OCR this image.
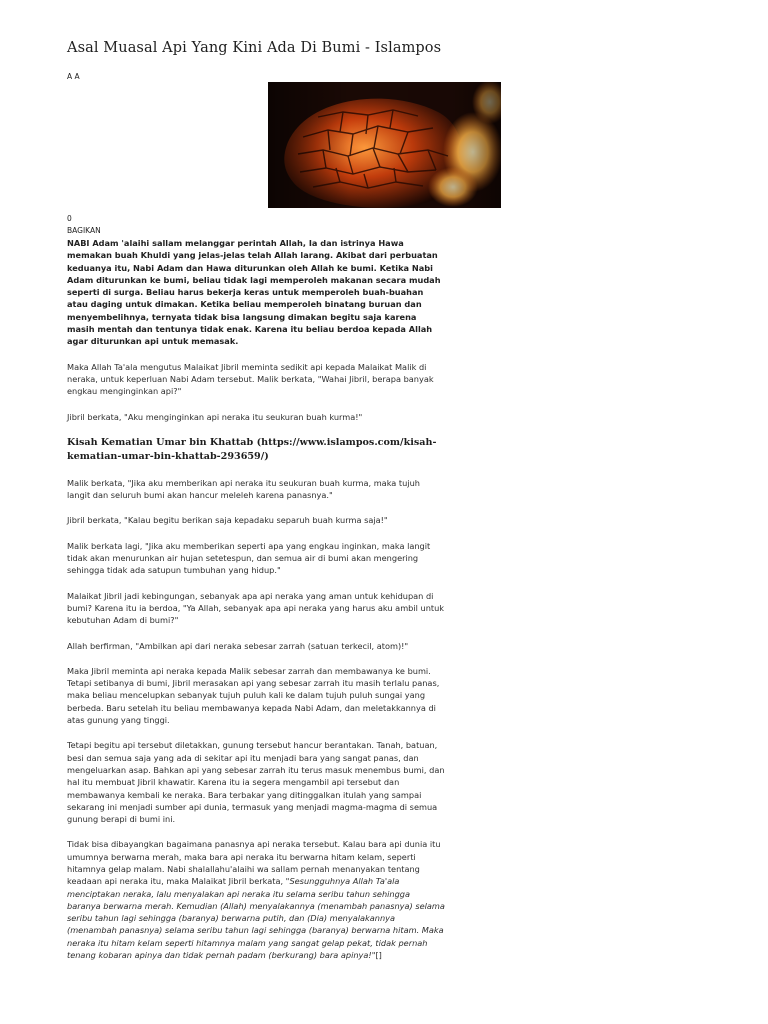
Asal Muasal Api Yang Kini Ada Di Bumi - Islampos
A A
0
BAGIKAN

NABI Adam 'alaihi sallam melanggar perintah Allah, Ia dan istrinya Hawa memakan buah Khuldi yang jelas-jelas telah Allah larang. Akibat dari perbuatan keduanya itu, Nabi Adam dan Hawa diturunkan oleh Allah ke bumi. Ketika Nabi Adam diturunkan ke bumi, beliau tidak lagi memperoleh makanan secara mudah seperti di surga. Beliau harus bekerja keras untuk memperoleh buah-buahan atau daging untuk dimakan. Ketika beliau memperoleh binatang buruan dan menyembelihnya, ternyata tidak bisa langsung dimakan begitu saja karena masih mentah dan tentunya tidak enak. Karena itu beliau berdoa kepada Allah agar diturunkan api untuk memasak.

Maka Allah Ta'ala mengutus Malaikat Jibril meminta sedikit api kepada Malaikat Malik di neraka, untuk keperluan Nabi Adam tersebut. Malik berkata, "Wahai Jibril, berapa banyak engkau menginginkan api?"

Jibril berkata, "Aku menginginkan api neraka itu seukuran buah kurma!"

Kisah Kematian Umar bin Khattab (https://www.islampos.com/kisah-kematian-umar-bin-khattab-293659/)

Malik berkata, "Jika aku memberikan api neraka itu seukuran buah kurma, maka tujuh langit dan seluruh bumi akan hancur meleleh karena panasnya."

Jibril berkata, "Kalau begitu berikan saja kepadaku separuh buah kurma saja!"

Malik berkata lagi, "Jika aku memberikan seperti apa yang engkau inginkan, maka langit tidak akan menurunkan air hujan setetespun, dan semua air di bumi akan mengering sehingga tidak ada satupun tumbuhan yang hidup."

Malaikat Jibril jadi kebingungan, sebanyak apa api neraka yang aman untuk kehidupan di bumi? Karena itu ia berdoa, "Ya Allah, sebanyak apa api neraka yang harus aku ambil untuk kebutuhan Adam di bumi?"

Allah berfirman, "Ambilkan api dari neraka sebesar zarrah (satuan terkecil, atom)!"

Maka Jibril meminta api neraka kepada Malik sebesar zarrah dan membawanya ke bumi. Tetapi setibanya di bumi, Jibril merasakan api yang sebesar zarrah itu masih terlalu panas, maka beliau mencelupkan sebanyak tujuh puluh kali ke dalam tujuh puluh sungai yang berbeda. Baru setelah itu beliau membawanya kepada Nabi Adam, dan meletakkannya di atas gunung yang tinggi.

Tetapi begitu api tersebut diletakkan, gunung tersebut hancur berantakan. Tanah, batuan, besi dan semua saja yang ada di sekitar api itu menjadi bara yang sangat panas, dan mengeluarkan asap. Bahkan api yang sebesar zarrah itu terus masuk menembus bumi, dan hal itu membuat Jibril khawatir. Karena itu ia segera mengambil api tersebut dan membawanya kembali ke neraka. Bara terbakar yang ditinggalkan itulah yang sampai sekarang ini menjadi sumber api dunia, termasuk yang menjadi magma-magma di semua gunung berapi di bumi ini.

Tidak bisa dibayangkan bagaimana panasnya api neraka tersebut. Kalau bara api dunia itu umumnya berwarna merah, maka bara api neraka itu berwarna hitam kelam, seperti hitamnya gelap malam. Nabi shalallahu'alaihi wa sallam pernah menanyakan tentang keadaan api neraka itu, maka Malaikat Jibril berkata, "Sesungguhnya Allah Ta'ala menciptakan neraka, lalu menyalakan api neraka itu selama seribu tahun sehingga baranya berwarna merah. Kemudian (Allah) menyalakannya (menambah panasnya) selama seribu tahun lagi sehingga (baranya) berwarna putih, dan (Dia) menyalakannya (menambah panasnya) selama seribu tahun lagi sehingga (baranya) berwarna hitam. Maka neraka itu hitam kelam seperti hitamnya malam yang sangat gelap pekat, tidak pernah tenang kobaran apinya dan tidak pernah padam (berkurang) bara apinya!"[]
